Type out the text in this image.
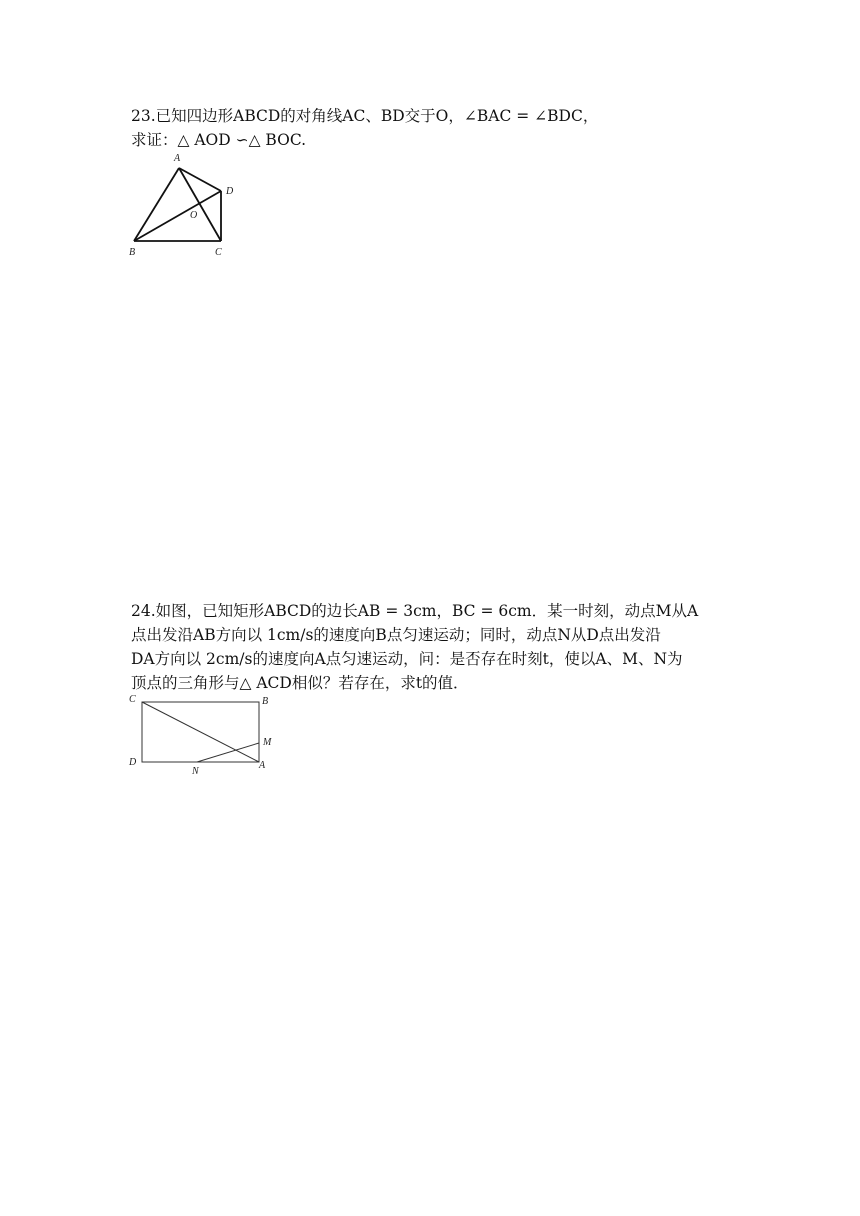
23.已知四边形ABCD的对角线AC、BD交于O，∠BAC = ∠BDC，
求证：△ AOD ∽△ BOC.
A
D
O
B	C
24.如图，已知矩形ABCD的边长AB = 3cm，BC = 6cm．某一时刻，动点M从A
点出发沿AB方向以 1cm/s的速度向B点匀速运动；同时，动点N从D点出发沿
DA方向以 2cm/s的速度向A点匀速运动，问：是否存在时刻t，使以A、M、N为
顶点的三角形与△ ACD相似？若存在，求t的值．
C	B
M
D
N
A
